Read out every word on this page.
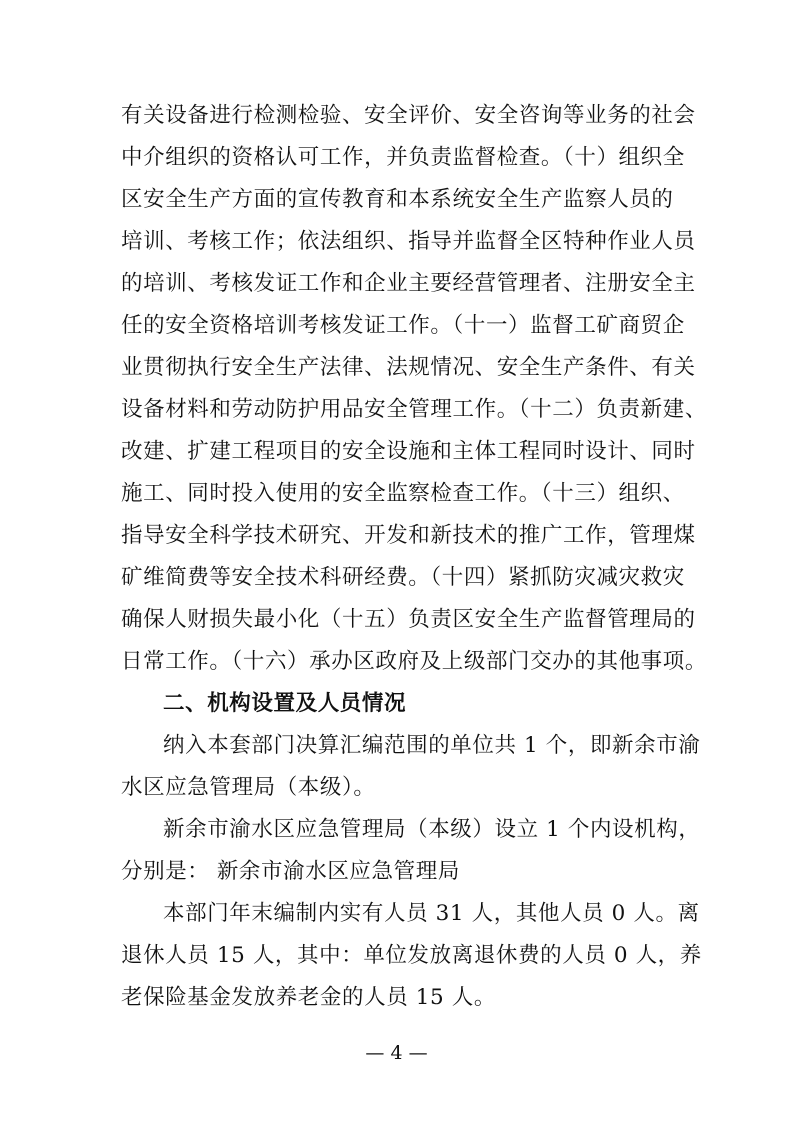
有关设备进行检测检验、安全评价、安全咨询等业务的社会
中介组织的资格认可工作，并负责监督检查。（十）组织全
区安全生产方面的宣传教育和本系统安全生产监察人员的
培训、考核工作；依法组织、指导并监督全区特种作业人员
的培训、考核发证工作和企业主要经营管理者、注册安全主
任的安全资格培训考核发证工作。（十一）监督工矿商贸企
业贯彻执行安全生产法律、法规情况、安全生产条件、有关
设备材料和劳动防护用品安全管理工作。（十二）负责新建、
改建、扩建工程项目的安全设施和主体工程同时设计、同时
施工、同时投入使用的安全监察检查工作。（十三）组织、
指导安全科学技术研究、开发和新技术的推广工作，管理煤
矿维简费等安全技术科研经费。（十四）紧抓防灾减灾救灾
确保人财损失最小化（十五）负责区安全生产监督管理局的
日常工作。（十六）承办区政府及上级部门交办的其他事项。
二、机构设置及人员情况
纳入本套部门决算汇编范围的单位共 1 个，即新余市渝
水区应急管理局（本级）。
新余市渝水区应急管理局（本级）设立 1 个内设机构，
分别是： 新余市渝水区应急管理局
本部门年末编制内实有人员 31 人，其他人员 0 人。离
退休人员 15 人，其中：单位发放离退休费的人员 0 人，养
老保险基金发放养老金的人员 15 人。
— 4 —
